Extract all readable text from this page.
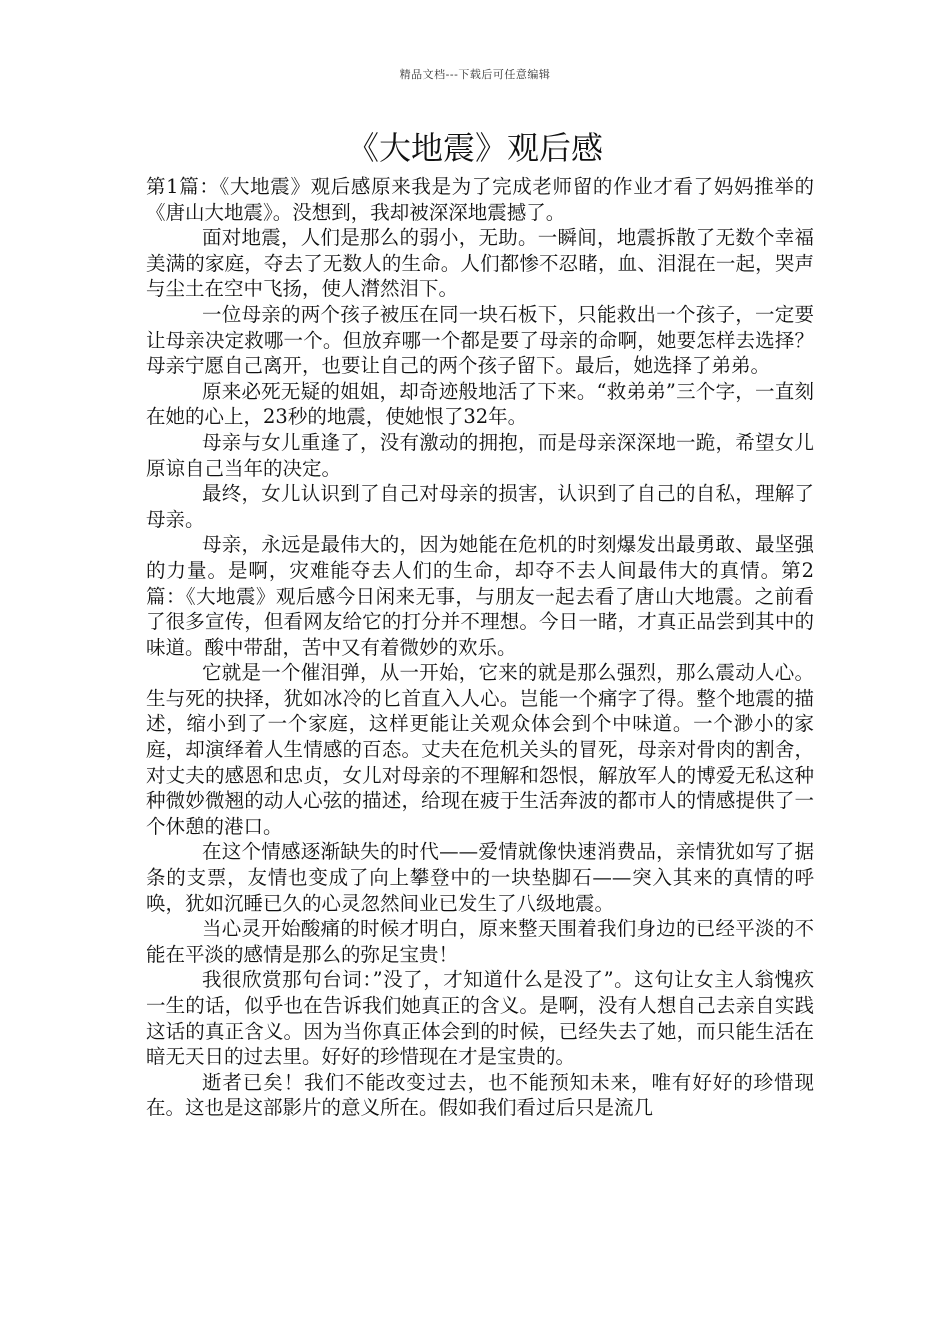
精品文档---下载后可任意编辑
《大地震》观后感

第1篇：《大地震》观后感原来我是为了完成老师留的作业才看了妈妈推举的《唐山大地震》。没想到，我却被深深地震撼了。

面对地震，人们是那么的弱小，无助。一瞬间，地震拆散了无数个幸福美满的家庭，夺去了无数人的生命。人们都惨不忍睹，血、泪混在一起，哭声与尘土在空中飞扬，使人潸然泪下。

一位母亲的两个孩子被压在同一块石板下，只能救出一个孩子，一定要让母亲决定救哪一个。但放弃哪一个都是要了母亲的命啊，她要怎样去选择？母亲宁愿自己离开，也要让自己的两个孩子留下。最后，她选择了弟弟。

原来必死无疑的姐姐，却奇迹般地活了下来。“救弟弟”三个字，一直刻在她的心上，23秒的地震，使她恨了32年。

母亲与女儿重逢了，没有激动的拥抱，而是母亲深深地一跪，希望女儿原谅自己当年的决定。

最终，女儿认识到了自己对母亲的损害，认识到了自己的自私，理解了母亲。

母亲，永远是最伟大的，因为她能在危机的时刻爆发出最勇敢、最坚强的力量。是啊，灾难能夺去人们的生命，却夺不去人间最伟大的真情。第2篇：《大地震》观后感今日闲来无事，与朋友一起去看了唐山大地震。之前看了很多宣传，但看网友给它的打分并不理想。今日一睹，才真正品尝到其中的味道。酸中带甜，苦中又有着微妙的欢乐。

它就是一个催泪弹，从一开始，它来的就是那么强烈，那么震动人心。生与死的抉择，犹如冰冷的匕首直入人心。岂能一个痛字了得。整个地震的描述，缩小到了一个家庭，这样更能让关观众体会到个中味道。一个渺小的家庭，却演绎着人生情感的百态。丈夫在危机关头的冒死，母亲对骨肉的割舍，对丈夫的感恩和忠贞，女儿对母亲的不理解和怨恨，解放军人的博爱无私这种种微妙微翘的动人心弦的描述，给现在疲于生活奔波的都市人的情感提供了一个休憩的港口。

在这个情感逐渐缺失的时代——爱情就像快速消费品，亲情犹如写了据条的支票，友情也变成了向上攀登中的一块垫脚石——突入其来的真情的呼唤，犹如沉睡已久的心灵忽然间业已发生了八级地震。

当心灵开始酸痛的时候才明白，原来整天围着我们身边的已经平淡的不能在平淡的感情是那么的弥足宝贵！

我很欣赏那句台词：”没了，才知道什么是没了”。这句让女主人翁愧疚一生的话，似乎也在告诉我们她真正的含义。是啊，没有人想自己去亲自实践这话的真正含义。因为当你真正体会到的时候，已经失去了她，而只能生活在暗无天日的过去里。好好的珍惜现在才是宝贵的。

逝者已矣！我们不能改变过去，也不能预知未来，唯有好好的珍惜现在。这也是这部影片的意义所在。假如我们看过后只是流几
